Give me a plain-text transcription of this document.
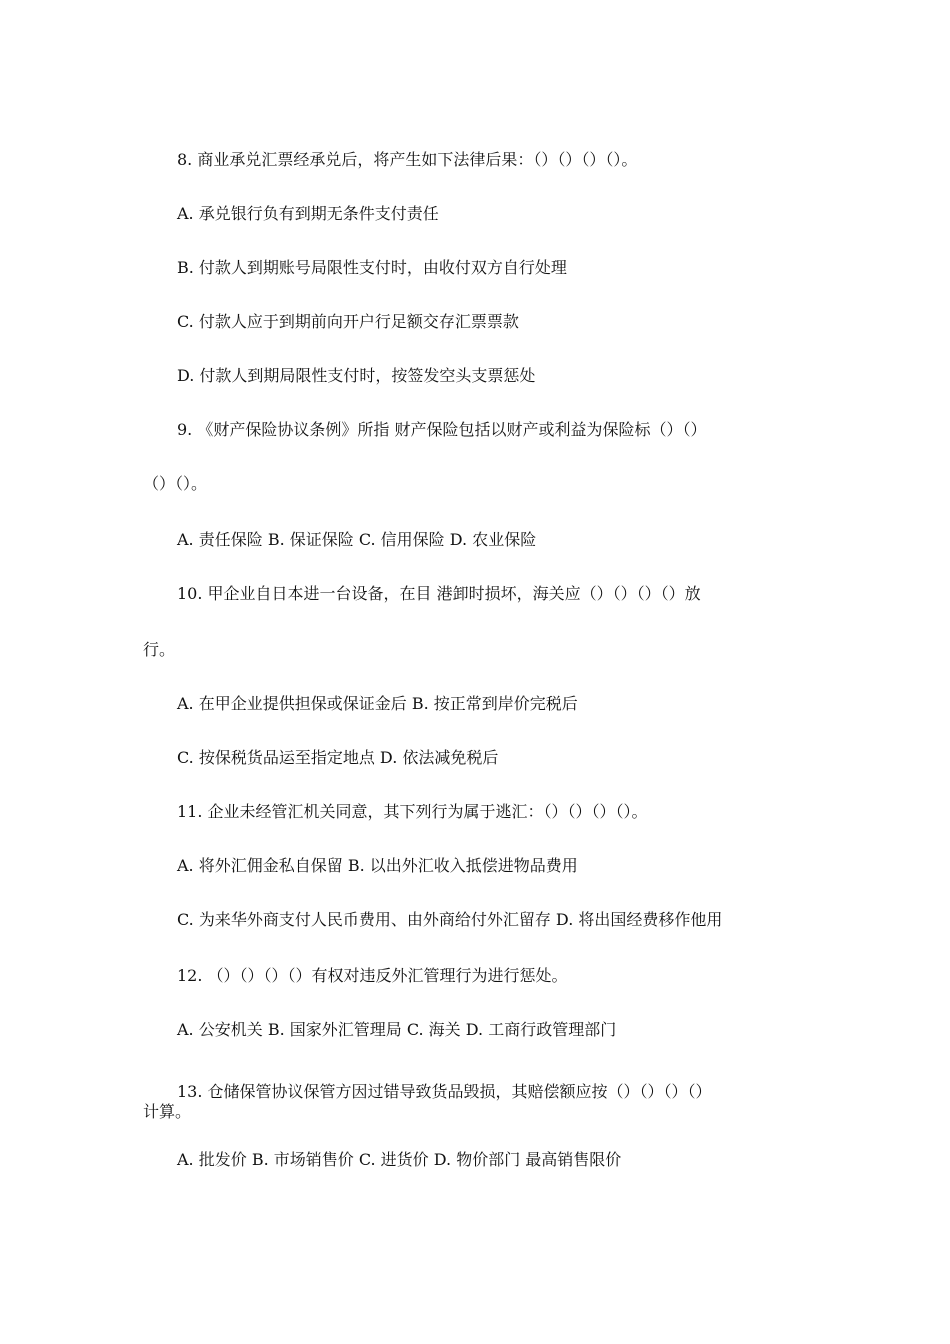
8. 商业承兑汇票经承兑后，将产生如下法律后果：（）（）（）（）。
A. 承兑银行负有到期无条件支付责任
B. 付款人到期账号局限性支付时，由收付双方自行处理
C. 付款人应于到期前向开户行足额交存汇票票款
D. 付款人到期局限性支付时，按签发空头支票惩处
9. 《财产保险协议条例》所指 财产保险包括以财产或利益为保险标（）（）
（）（）。
A. 责任保险 B. 保证保险 C. 信用保险 D. 农业保险
10. 甲企业自日本进一台设备，在目 港卸时损坏，海关应（）（）（）（）放
行。
A. 在甲企业提供担保或保证金后 B. 按正常到岸价完税后
C. 按保税货品运至指定地点 D. 依法减免税后
11. 企业未经管汇机关同意，其下列行为属于逃汇：（）（）（）（）。
A. 将外汇佣金私自保留 B. 以出外汇收入抵偿进物品费用
C. 为来华外商支付人民币费用、由外商给付外汇留存 D. 将出国经费移作他用
12. （）（）（）（）有权对违反外汇管理行为进行惩处。
A. 公安机关 B. 国家外汇管理局 C. 海关 D. 工商行政管理部门
13. 仓储保管协议保管方因过错导致货品毁损，其赔偿额应按（）（）（）（）
计算。
A. 批发价 B. 市场销售价 C. 进货价 D. 物价部门 最高销售限价
